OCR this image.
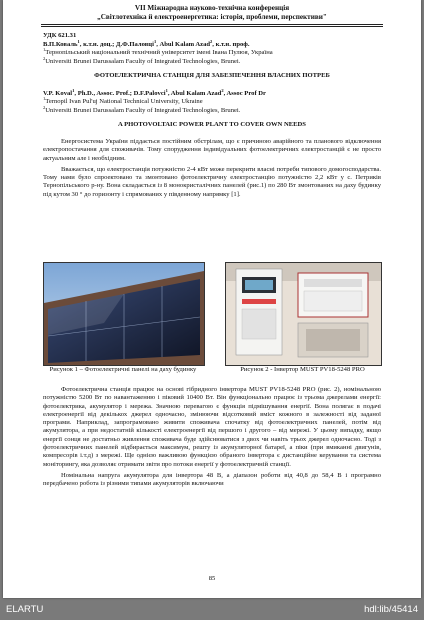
VII Міжнародна науково-технічна конференція
„Світлотехніка й електроенергетика: історія, проблеми, перспективи"
УДК 621.31
В.П.Коваль$^1$, к.т.н. доц.; Д.Ф.Паловці$^1$, Abul Kalam Azad$^2$, к.т.н. проф.
$^1$Тернопільський національний технічний університет імені Івана Пулюя, Україна
$^2$Universiti Brunei Darussalam Faculty of Integrated Technologies, Brunei.
ФОТОЕЛЕКТРИЧНА СТАНЦІЯ ДЛЯ ЗАБЕЗПЕЧЕННЯ ВЛАСНИХ ПОТРЕБ
V.P. Koval$^1$, Ph.D., Assoc. Prof.; D.F.Palovci$^1$, Abul Kalam Azad$^2$, Assoc Prof Dr
$^1$Ternopil Ivan Pul'uj National Technical University, Ukraine
$^2$Universiti Brunei Darussalam Faculty of Integrated Technologies, Brunei.
A PHOTOVOLTAIC POWER PLANT TO COVER OWN NEEDS
Енергосистема України піддається постійним обстрілам, що є причиною аварійного та планового відключення електропостачання для споживачів. Тому спорудження індивідуальних фотоелектричних електростанцій є не просто актуальним але і необхідним.
Вважається, що електростанція потужністю 2-4 кВт може перекрити власні потреби типового домогосподарства. Тому нами було спроектовано та змонтовано фотоелектричну електростанцію потужністю 2,2 кВт у с. Петриків Тернопільського р-ну. Вона складається із 8 монокристалічних панелей (рис.1) по 280 Вт змонтованих на даху будинку під кутом 30 ° до горизонту і спрямованих у південному напрямку [1].
Рисунок 1 – Фотоелектричні панелі на даху будинку	Рисунок 2 - Інвертор MUST PV18-5248 PRO
Фотоелектрична станція працює на основі гібридного інвертора MUST PV18-5248 PRO (рис. 2), номінальною потужністю 5200 Вт по навантаженню і піковий 10400 Вт. Він функціонально працює із трьома джерелами енергії: фотоелектрика, акумулятор і мережа. Значною перевагою є функція підмішування енергії. Вона полягає в подачі електроенергії від декількох джерел одночасно, змінюючи відсотковий вміст кожного в залежності від заданої програми. Наприклад, запрограмовано живити споживача спочатку від фотоелектричних панелей, потім від акумулятора, а при недостатній кількості електроенергії від першого і другого – від мережі. У цьому випадку, якщо енергії сонця не достатньо живлення споживача буде здійснюватися з двох чи навіть трьох джерел одночасно. Тоді з фотоелектричних панелей відбирається максимум, решту із акумуляторної батареї, а піки (при вмиканні двигунів, компресорів і.т.д) з мережі. Ще однією важливою функцією обраного інвертора є дистанційне керування та система моніторингу, яка дозволяє отримати звіти про потоки енергії у фотоелектричній станції.
Номінальна напруга акумулятора для інвертора 48 В, а діапазон роботи від 40,8 до 58,4 В і програмно передбачено робота із різними типами акумуляторів включаючи
85
ELARTU	hdl:lib/45414
